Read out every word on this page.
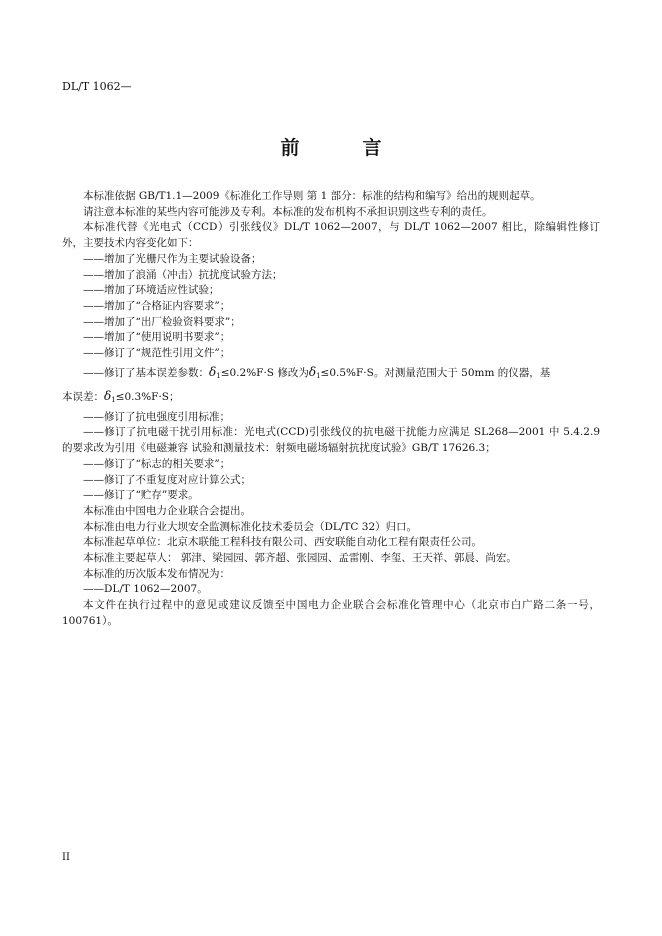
DL/T 1062—
前　言

本标准依据 GB/T1.1—2009《标准化工作导则 第 1 部分：标准的结构和编写》给出的规则起草。

请注意本标准的某些内容可能涉及专利。本标准的发布机构不承担识别这些专利的责任。

本标准代替《光电式（CCD）引张线仪》DL/T 1062—2007，与 DL/T 1062—2007 相比，除编辑性修订外，主要技术内容变化如下：

——增加了光栅尺作为主要试验设备；

——增加了浪涌（冲击）抗扰度试验方法；

——增加了环境适应性试验；

——增加了“合格证内容要求”；

——增加了“出厂检验资料要求”；

——增加了“使用说明书要求”；

——修订了“规范性引用文件”；

——修订了基本误差参数：$\delta_1\le 0.2\%F\cdot S$ 修改为$\delta_1\le 0.5\%F\cdot S$。对测量范围大于 50mm 的仪器，基

本误差：$\delta_1\le 0.3\%F\cdot S$；

——修订了抗电强度引用标准；

——修订了抗电磁干扰引用标准：光电式(CCD)引张线仪的抗电磁干扰能力应满足 SL268—2001 中 5.4.2.9 的要求改为引用《电磁兼容 试验和测量技术：射频电磁场辐射抗扰度试验》GB/T 17626.3；

——修订了“标志的相关要求”；

——修订了不重复度对应计算公式；

——修订了“贮存”要求。

本标准由中国电力企业联合会提出。

本标准由电力行业大坝安全监测标准化技术委员会（DL/TC 32）归口。

本标准起草单位：北京木联能工程科技有限公司、西安联能自动化工程有限责任公司。

本标准主要起草人： 郭津、梁园园、郭齐超、张园园、孟雷刚、李玺、王天祥、郭晨、尚宏。

本标准的历次版本发布情况为：

——DL/T 1062—2007。

本文件在执行过程中的意见或建议反馈至中国电力企业联合会标准化管理中心（北京市白广路二条一号，100761）。

II
